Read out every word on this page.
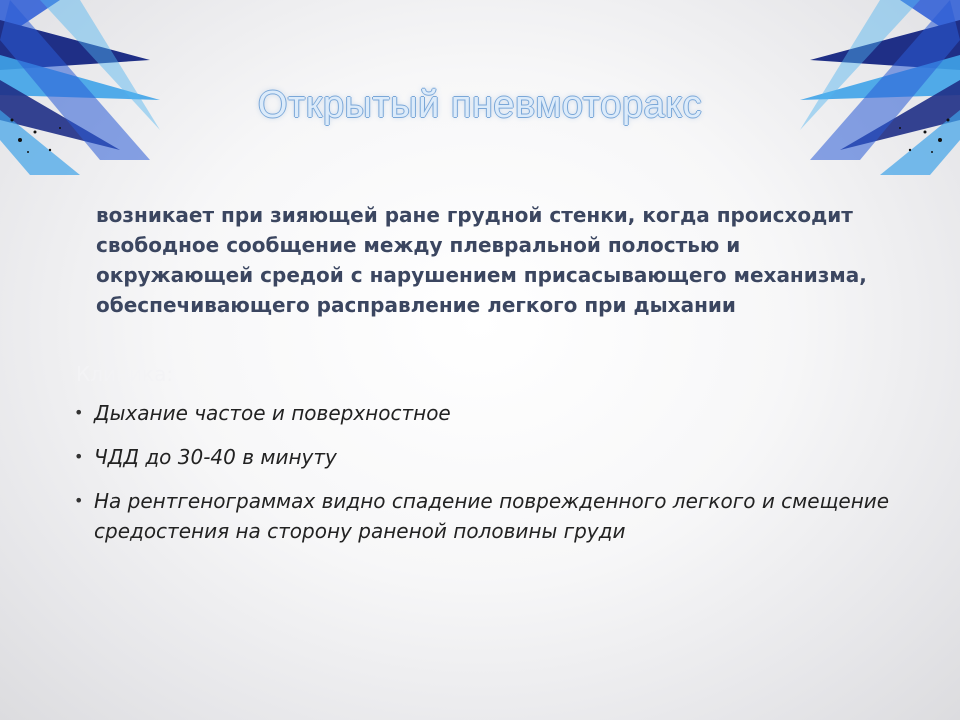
Открытый пневмоторакс
возникает при зияющей ране грудной стенки, когда происходит свободное сообщение между плевральной полостью и окружающей средой с нарушением присасывающего механизма, обеспечивающего расправление легкого при дыхании
Клиника:
• Дыхание частое и поверхностное
• ЧДД до 30-40 в минуту
• На рентгенограммах видно спадение поврежденного легкого и смещение средостения на сторону раненой половины груди
